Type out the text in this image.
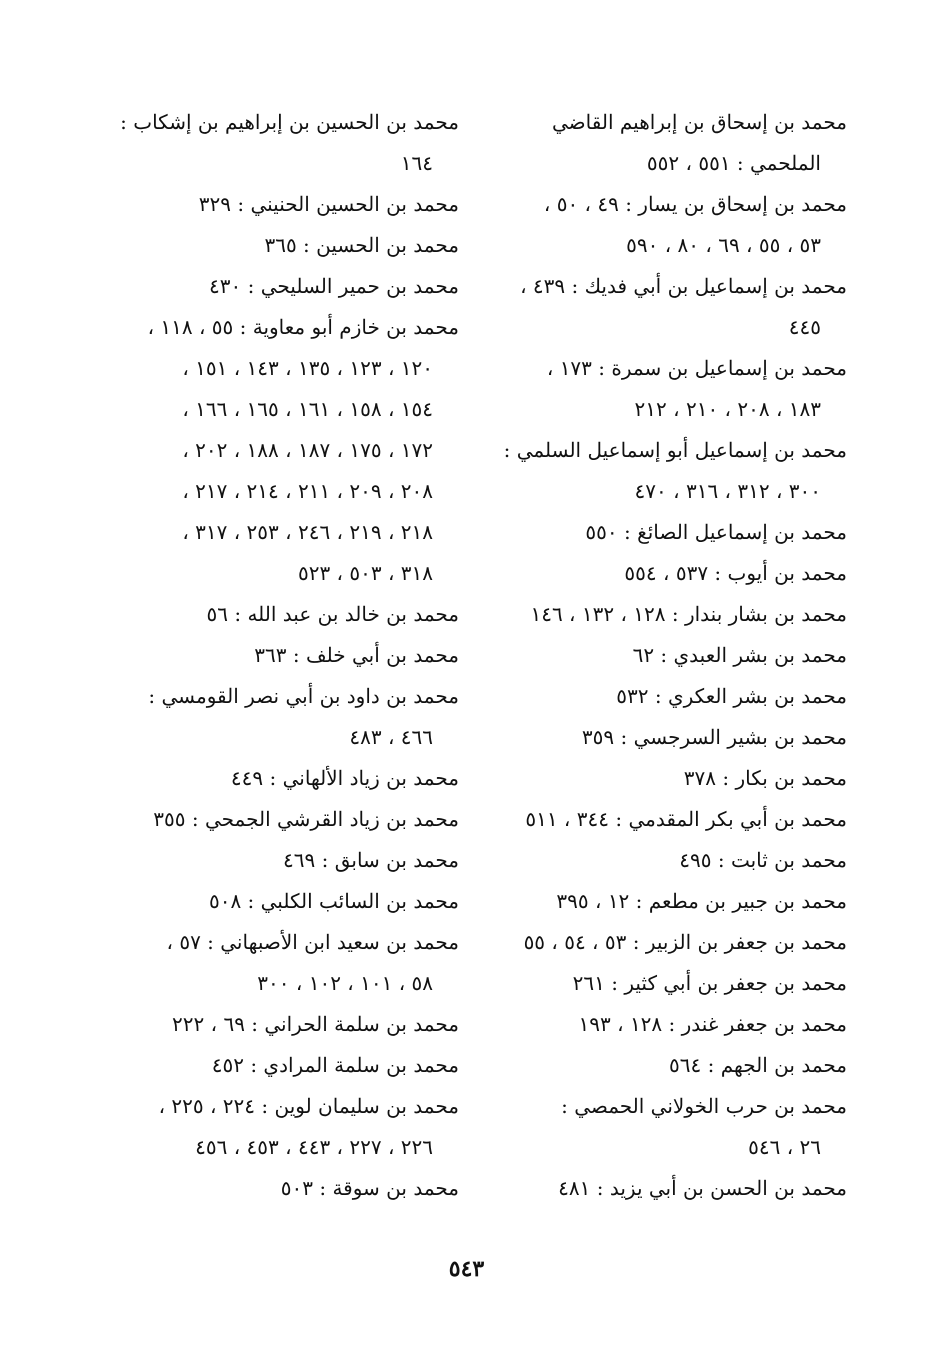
محمد بن إسحاق بن إبراهيم القاضي
الملحمي : ٥٥١ ، ٥٥٢
محمد بن إسحاق بن يسار : ٤٩ ، ٥٠ ،
٥٣ ، ٥٥ ، ٦٩ ، ٨٠ ، ٥٩٠
محمد بن إسماعيل بن أبي فديك : ٤٣٩ ،
٤٤٥
محمد بن إسماعيل بن سمرة : ١٧٣ ،
١٨٣ ، ٢٠٨ ، ٢١٠ ، ٢١٢
محمد بن إسماعيل أبو إسماعيل السلمي :
٣٠٠ ، ٣١٢ ، ٣١٦ ، ٤٧٠
محمد بن إسماعيل الصائغ : ٥٥٠
محمد بن أيوب : ٥٣٧ ، ٥٥٤
محمد بن بشار بندار : ١٢٨ ، ١٣٢ ، ١٤٦
محمد بن بشر العبدي : ٦٢
محمد بن بشر العكري : ٥٣٢
محمد بن بشير السرجسي : ٣٥٩
محمد بن بكار : ٣٧٨
محمد بن أبي بكر المقدمي : ٣٤٤ ، ٥١١
محمد بن ثابت : ٤٩٥
محمد بن جبير بن مطعم : ١٢ ، ٣٩٥
محمد بن جعفر بن الزبير : ٥٣ ، ٥٤ ، ٥٥
محمد بن جعفر بن أبي كثير : ٢٦١
محمد بن جعفر غندر : ١٢٨ ، ١٩٣
محمد بن الجهم : ٥٦٤
محمد بن حرب الخولاني الحمصي :
٢٦ ، ٥٤٦
محمد بن الحسن بن أبي يزيد : ٤٨١
محمد بن الحسين بن إبراهيم بن إشكاب :
١٦٤
محمد بن الحسين الحنيني : ٣٢٩
محمد بن الحسين : ٣٦٥
محمد بن حمير السليحي : ٤٣٠
محمد بن خازم أبو معاوية : ٥٥ ، ١١٨ ،
١٢٠ ، ١٢٣ ، ١٣٥ ، ١٤٣ ، ١٥١ ،
١٥٤ ، ١٥٨ ، ١٦١ ، ١٦٥ ، ١٦٦ ،
١٧٢ ، ١٧٥ ، ١٨٧ ، ١٨٨ ، ٢٠٢ ،
٢٠٨ ، ٢٠٩ ، ٢١١ ، ٢١٤ ، ٢١٧ ،
٢١٨ ، ٢١٩ ، ٢٤٦ ، ٢٥٣ ، ٣١٧ ،
٣١٨ ، ٥٠٣ ، ٥٢٣
محمد بن خالد بن عبد الله : ٥٦
محمد بن أبي خلف : ٣٦٣
محمد بن داود بن أبي نصر القومسي :
٤٦٦ ، ٤٨٣
محمد بن زياد الألهاني : ٤٤٩
محمد بن زياد القرشي الجمحي : ٣٥٥
محمد بن سابق : ٤٦٩
محمد بن السائب الكلبي : ٥٠٨
محمد بن سعيد ابن الأصبهاني : ٥٧ ،
٥٨ ، ١٠١ ، ١٠٢ ، ٣٠٠
محمد بن سلمة الحراني : ٦٩ ، ٢٢٢
محمد بن سلمة المرادي : ٤٥٢
محمد بن سليمان لوين : ٢٢٤ ، ٢٢٥ ،
٢٢٦ ، ٢٢٧ ، ٤٤٣ ، ٤٥٣ ، ٤٥٦
محمد بن سوقة : ٥٠٣
٥٤٣
